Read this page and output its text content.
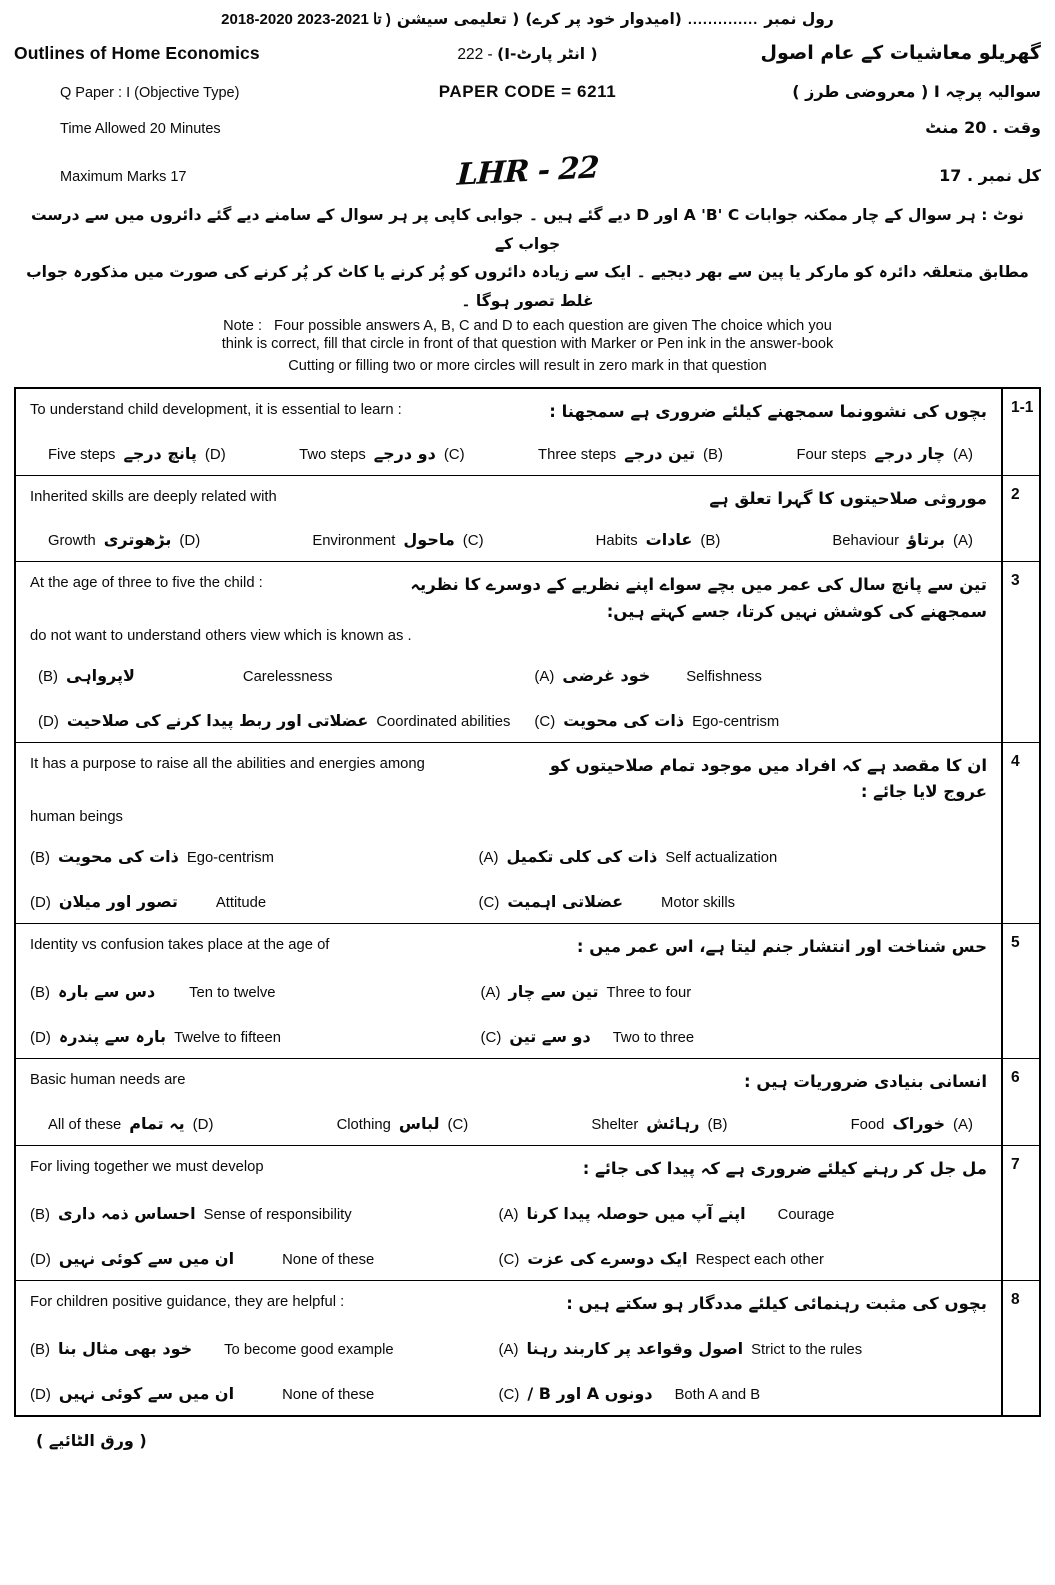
2018-2020 تا 2021-2023 ) ( تعلیمی سیشن (امیدوار خود پر کرے) .............. رول نمبر
Outlines of Home Economics	222 - ( انٹر پارٹ-I)	گھریلو معاشیات کے عام اصول
Q Paper : I (Objective Type)	PAPER CODE = 6211	سوالیہ پرچہ I ( معروضی طرز )
Time Allowed 20 Minutes	وقت . 20 منٹ
Maximum Marks 17	LHR - 22	کل نمبر . 17
نوٹ : ہر سوال کے چار ممکنہ جوابات A 'B' C اور D دیے گئے ہیں ۔ جوابی کاپی پر ہر سوال کے سامنے دیے گئے دائروں میں سے درست جواب کے
مطابق متعلقہ دائرہ کو مارکر یا پین سے بھر دیجیے ۔ ایک سے زیادہ دائروں کو پُر کرنے یا کاٹ کر پُر کرنے کی صورت میں مذکورہ جواب غلط تصور ہوگا ۔
Note : Four possible answers A, B, C and D to each question are given The choice which you
think is correct, fill that circle in front of that question with Marker or Pen ink in the answer-book
Cutting or filling two or more circles will result in zero mark in that question
To understand child development, it is essential to learn :	بچوں کی نشوونما سمجھنے کیلئے ضروری ہے سمجھنا :
(A)
چار درجے
Four steps
(B)
تین درجے
Three steps
(C)
دو درجے
Two steps
(D)
پانچ درجے
Five steps
	1-1

Inherited skills are deeply related with	موروثی صلاحیتوں کا گہرا تعلق ہے
(A)
برتاؤ
Behaviour
(B)
عادات
Habits
(C)
ماحول
Environment
(D)
بڑھوتری
Growth
	2

At the age of three to five the child :	تین سے پانچ سال کی عمر میں بچے سواے اپنے نظریے کے دوسرے کا نظریہ سمجھنے کی کوشش نہیں کرتا، جسے کہتے ہیں:
do not want to understand others view which is known as .
(A) خود غرضی Selfishness
(B) لاپرواہی	Carelessness
(C) ذات کی محویت Ego-centrism
(D) عضلاتی اور ربط پیدا کرنے کی صلاحیت Coordinated abilities
	3

It has a purpose to raise all the abilities and energies among	ان کا مقصد ہے کہ افراد میں موجود تمام صلاحیتوں کو عروج لایا جائے :
human beings
(A) ذات کی کلی تکمیل Self actualization
(B) ذات کی محویت Ego-centrism
(C) عضلاتی اہمیت	Motor skills
(D) تصور اور میلان	Attitude
	4

Identity vs confusion takes place at the age of	حس شناخت اور انتشار جنم لیتا ہے، اس عمر میں :
(A) تین سے چار Three to four
(B) دس سے بارہ Ten to twelve
(C) دو سے تین Two to three
(D) بارہ سے پندرہ Twelve to fifteen
	5

Basic human needs are	انسانی بنیادی ضروریات ہیں :
(A)
خوراک
Food
(B)
رہائش
Shelter
(C)
لباس
Clothing
(D)
یہ تمام
All of these
	6

For living together we must develop	مل جل کر رہنے کیلئے ضروری ہے کہ پیدا کی جائے :
(A) اپنے آپ میں حوصلہ پیدا کرنا Courage
(B) احساس ذمہ داری Sense of responsibility
(C) ایک دوسرے کی عزت Respect each other
(D) ان میں سے کوئی نہیں	None of these
	7

For children positive guidance, they are helpful :	بچوں کی مثبت رہنمائی کیلئے مددگار ہو سکتے ہیں :
(A) اصول وقواعد پر کاربند رہنا Strict to the rules
(B) خود بھی مثال بنا To become good example
(C) دونوں A اور B / Both A and B
(D) ان میں سے کوئی نہیں	None of these
	8
( ورق الٹائیے )
